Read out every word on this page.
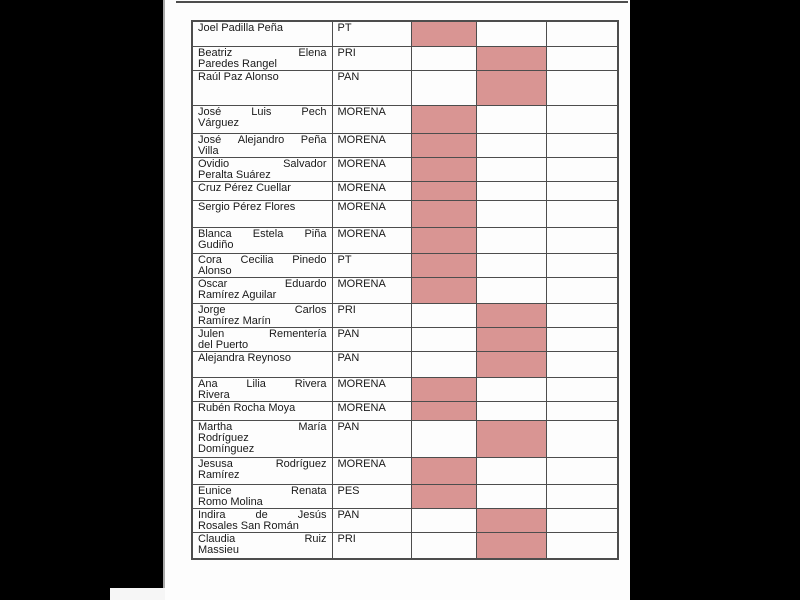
Joel Padilla Peña	PT			

Beatriz Elena
Paredes Rangel	PRI			

Raúl Paz Alonso	PAN			

José Luis Pech
Várguez	MORENA			

José Alejandro Peña
Villa	MORENA			

Ovidio Salvador
Peralta Suárez	MORENA			

Cruz Pérez Cuellar	MORENA			

Sergio Pérez Flores	MORENA			

Blanca Estela Piña
Gudiño	MORENA			

Cora Cecilia Pinedo
Alonso	PT			

Oscar Eduardo
Ramírez Aguilar	MORENA			

Jorge Carlos
Ramírez Marín	PRI			

Julen Rementería
del Puerto	PAN			

Alejandra Reynoso	PAN			

Ana Lilia Rivera
Rivera	MORENA			

Rubén Rocha Moya	MORENA			

Martha María
Rodríguez
Domínguez	PAN			

Jesusa Rodríguez
Ramírez	MORENA			

Eunice Renata
Romo Molina	PES			

Indira de Jesús
Rosales San Román	PAN			

Claudia Ruiz
Massieu	PRI			
